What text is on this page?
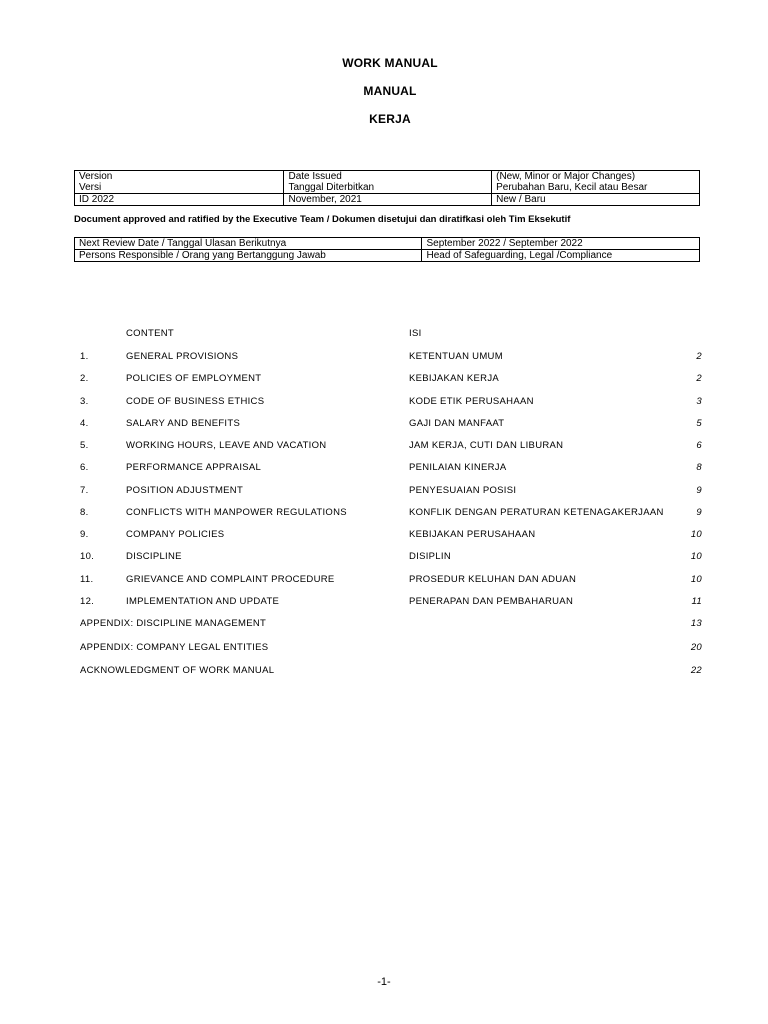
WORK MANUAL
MANUAL
KERJA
Version	Date Issued	(New, Minor or Major Changes)
Versi	Tanggal Diterbitkan	Perubahan Baru, Kecil atau Besar
ID 2022	November, 2021	New / Baru
Document approved and ratified by the Executive Team / Dokumen disetujui dan diratifkasi oleh Tim Eksekutif
Next Review Date / Tanggal Ulasan Berikutnya	September 2022 / September 2022
Persons Responsible / Orang yang Bertanggung Jawab	Head of Safeguarding, Legal /Compliance
CONTENT	ISI
1.	GENERAL PROVISIONS	KETENTUAN UMUM	2
2.	POLICIES OF EMPLOYMENT	KEBIJAKAN KERJA	2
3.	CODE OF BUSINESS ETHICS	KODE ETIK PERUSAHAAN	3
4.	SALARY AND BENEFITS	GAJI DAN MANFAAT	5
5.	WORKING HOURS, LEAVE AND VACATION	JAM KERJA, CUTI DAN LIBURAN	6
6.	PERFORMANCE APPRAISAL	PENILAIAN KINERJA	8
7.	POSITION ADJUSTMENT	PENYESUAIAN POSISI	9
8.	CONFLICTS WITH MANPOWER REGULATIONS	KONFLIK DENGAN PERATURAN KETENAGAKERJAAN	9
9.	COMPANY POLICIES	KEBIJAKAN PERUSAHAAN	10
10.	DISCIPLINE	DISIPLIN	10
11.	GRIEVANCE AND COMPLAINT PROCEDURE	PROSEDUR KELUHAN DAN ADUAN	10
12.	IMPLEMENTATION AND UPDATE	PENERAPAN DAN PEMBAHARUAN	11
APPENDIX: DISCIPLINE MANAGEMENT	13
APPENDIX: COMPANY LEGAL ENTITIES	20
ACKNOWLEDGMENT OF WORK MANUAL	22
-1-
